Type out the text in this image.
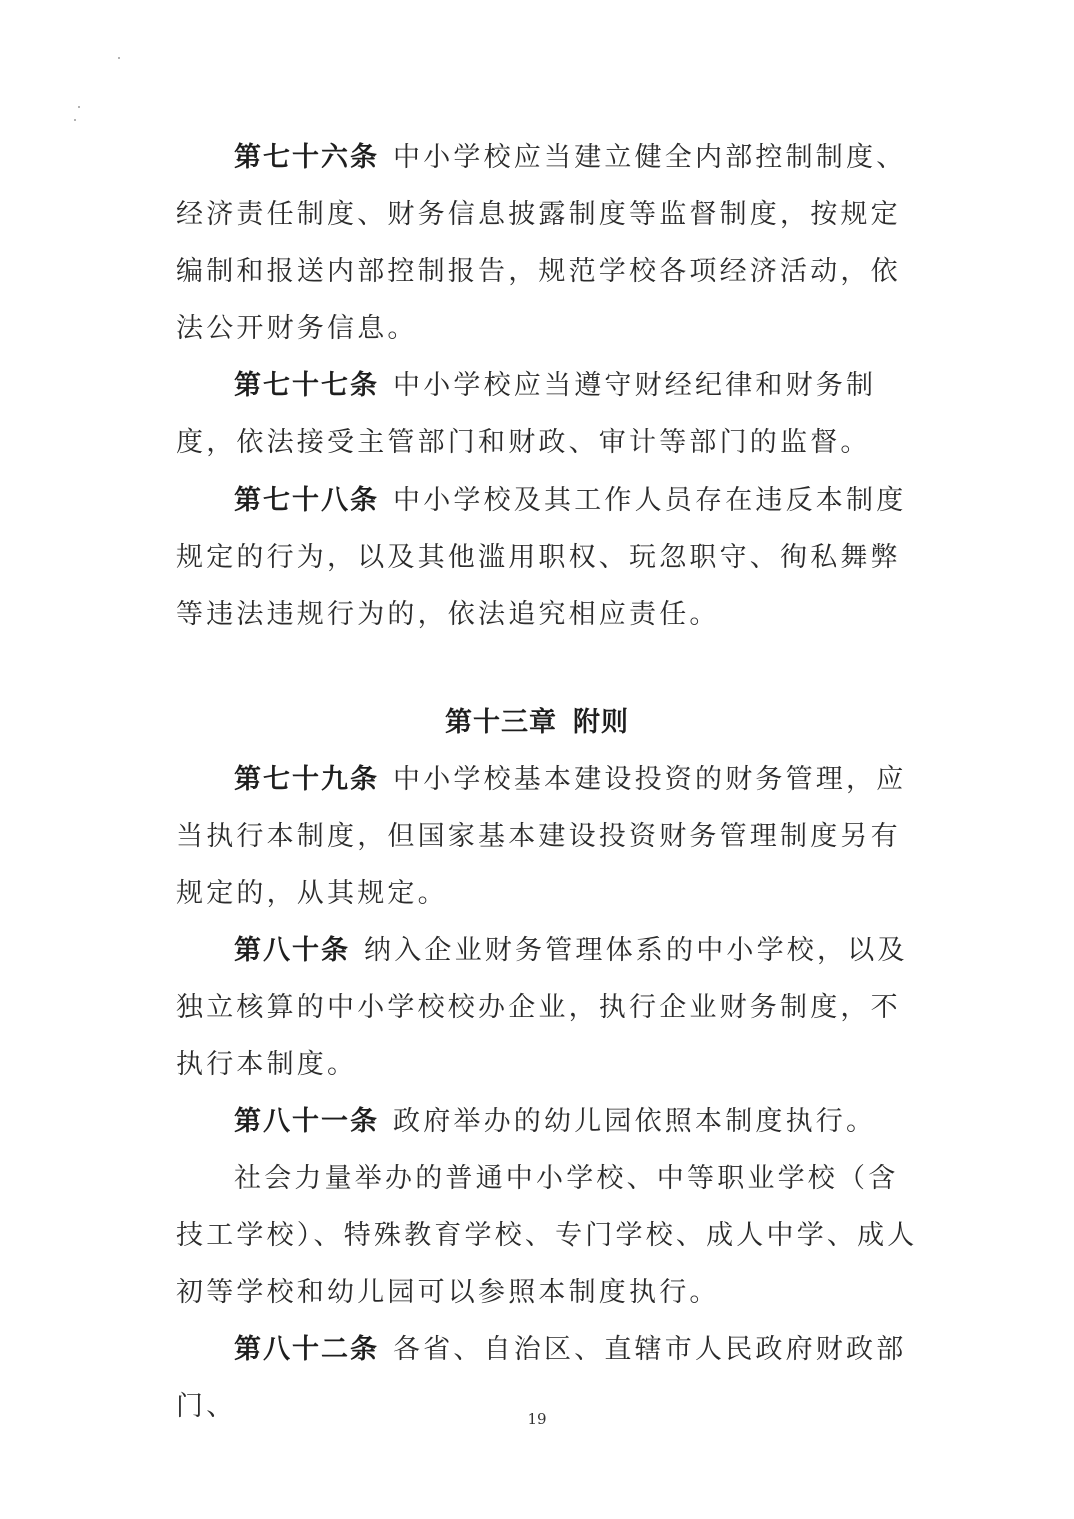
第七十六条 中小学校应当建立健全内部控制制度、经济责任制度、财务信息披露制度等监督制度，按规定编制和报送内部控制报告，规范学校各项经济活动，依法公开财务信息。

第七十七条 中小学校应当遵守财经纪律和财务制度，依法接受主管部门和财政、审计等部门的监督。

第七十八条 中小学校及其工作人员存在违反本制度规定的行为，以及其他滥用职权、玩忽职守、徇私舞弊等违法违规行为的，依法追究相应责任。

第十三章 附则

第七十九条 中小学校基本建设投资的财务管理，应当执行本制度，但国家基本建设投资财务管理制度另有规定的，从其规定。

第八十条 纳入企业财务管理体系的中小学校，以及独立核算的中小学校校办企业，执行企业财务制度，不执行本制度。

第八十一条 政府举办的幼儿园依照本制度执行。

社会力量举办的普通中小学校、中等职业学校（含技工学校）、特殊教育学校、专门学校、成人中学、成人初等学校和幼儿园可以参照本制度执行。

第八十二条 各省、自治区、直辖市人民政府财政部门、	19
